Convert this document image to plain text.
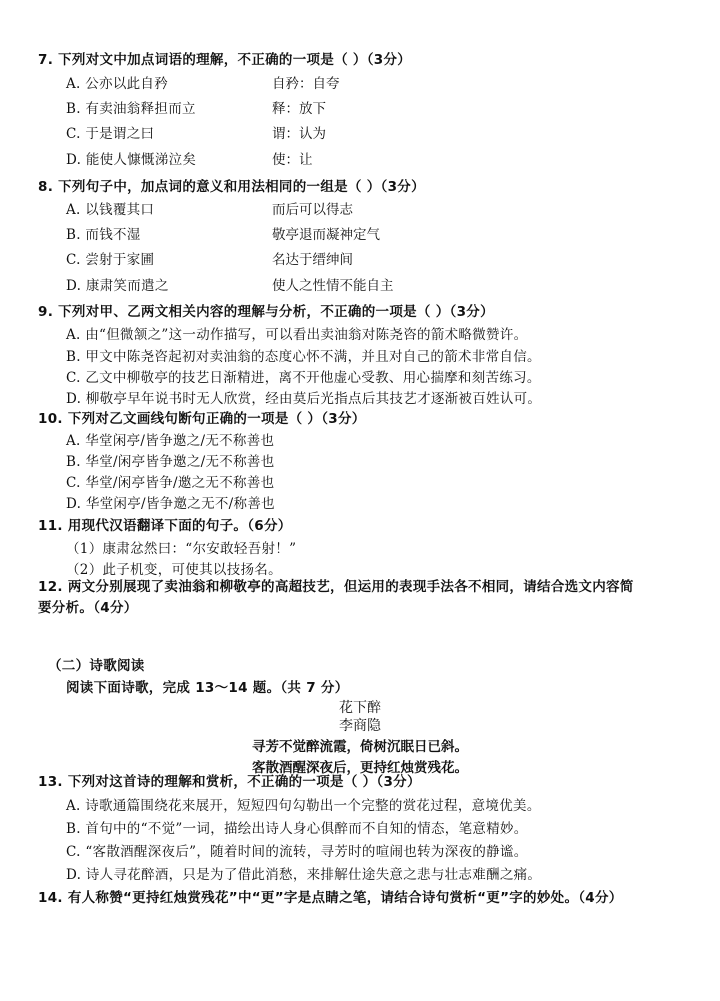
7. 下列对文中加点词语的理解，不正确的一项是（ ）（3分）
A. 公亦以此自矜	自矜：自夸
B. 有卖油翁释担而立	释：放下
C. 于是谓之曰	谓：认为
D. 能使人慷慨涕泣矣	使：让
8. 下列句子中，加点词的意义和用法相同的一组是（ ）（3分）
A. 以钱覆其口	而后可以得志
B. 而钱不湿	敬亭退而凝神定气
C. 尝射于家圃	名达于缙绅间
D. 康肃笑而遣之	使人之性情不能自主
9. 下列对甲、乙两文相关内容的理解与分析，不正确的一项是（ ）（3分）
A. 由“但微颔之”这一动作描写，可以看出卖油翁对陈尧咨的箭术略微赞许。
B. 甲文中陈尧咨起初对卖油翁的态度心怀不满，并且对自己的箭术非常自信。
C. 乙文中柳敬亭的技艺日渐精进，离不开他虚心受教、用心揣摩和刻苦练习。
D. 柳敬亭早年说书时无人欣赏，经由莫后光指点后其技艺才逐渐被百姓认可。
10. 下列对乙文画线句断句正确的一项是（ ）（3分）
A. 华堂闲亭/皆争邀之/无不称善也
B. 华堂/闲亭皆争邀之/无不称善也
C. 华堂/闲亭皆争/邀之无不称善也
D. 华堂闲亭/皆争邀之无不/称善也
11. 用现代汉语翻译下面的句子。（6分）
（1）康肃忿然曰：“尔安敢轻吾射！”
（2）此子机变，可使其以技扬名。
12. 两文分别展现了卖油翁和柳敬亭的高超技艺，但运用的表现手法各不相同，请结合选文内容简
要分析。（4分）
（二）诗歌阅读
阅读下面诗歌，完成 13～14 题。（共 7 分）
花下醉
李商隐
寻芳不觉醉流霞，倚树沉眠日已斜。
客散酒醒深夜后，更持红烛赏残花。
13. 下列对这首诗的理解和赏析，不正确的一项是（ ）（3分）
A. 诗歌通篇围绕花来展开，短短四句勾勒出一个完整的赏花过程，意境优美。
B. 首句中的“不觉”一词，描绘出诗人身心俱醉而不自知的情态，笔意精妙。
C. “客散酒醒深夜后”，随着时间的流转，寻芳时的喧闹也转为深夜的静谧。
D. 诗人寻花醉酒，只是为了借此消愁，来排解仕途失意之悲与壮志难酬之痛。
14. 有人称赞“更持红烛赏残花”中“更”字是点睛之笔，请结合诗句赏析“更”字的妙处。（4分）
